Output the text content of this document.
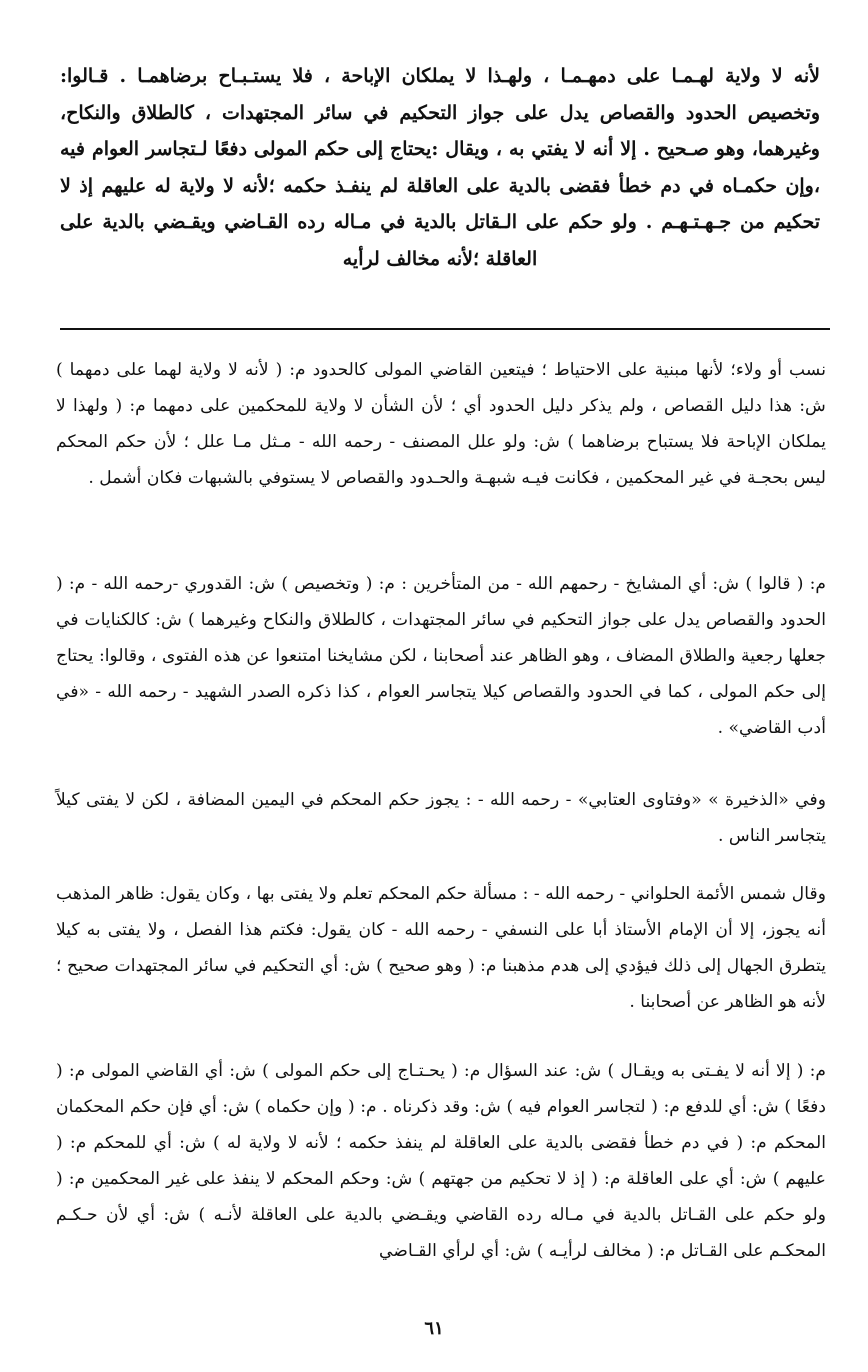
لأنه لا ولاية لهـمـا على دمهـمـا ، ولهـذا لا يملكان الإباحة ، فلا يستـبـاح برضاهمـا . قـالوا: وتخصيص الحدود والقصاص يدل على جواز التحكيم في سائر المجتهدات ، كالطلاق والنكاح، وغيرهما، وهو صـحيح . إلا أنه لا يفتي به ، ويقال :يحتاج إلى حكم المولى دفعًا لـتجاسر العوام فيه ،وإن حكمـاه في دم خطأ فقضى بالدية على العاقلة لم ينفـذ حكمه ؛لأنه لا ولاية له عليهم إذ لا تحكيم من جـهـتـهـم . ولو حكم على الـقاتل بالدية في مـاله رده القـاضي ويقـضي بالدية على العاقلة ؛لأنه مخالف لرأيه

نسب أو ولاء؛ لأنها مبنية على الاحتياط ؛ فيتعين القاضي المولى كالحدود م: ( لأنه لا ولاية لهما على دمهما ) ش: هذا دليل القصاص ، ولم يذكر دليل الحدود أي ؛ لأن الشأن لا ولاية للمحكمين على دمهما م: ( ولهذا لا يملكان الإباحة فلا يستباح برضاهما ) ش: ولو علل المصنف - رحمه الله - مـثل مـا علل ؛ لأن حكم المحكم ليس بحجـة في غير المحكمين ، فكانت فيـه شبهـة والحـدود والقصاص لا يستوفي بالشبهات فكان أشمل .

م: ( قالوا ) ش: أي المشايخ - رحمهم الله - من المتأخرين : م: ( وتخصيص ) ش: القدوري -رحمه الله - م: ( الحدود والقصاص يدل على جواز التحكيم في سائر المجتهدات ، كالطلاق والنكاح وغيرهما ) ش: كالكنايات في جعلها رجعية والطلاق المضاف ، وهو الظاهر عند أصحابنا ، لكن مشايخنا امتنعوا عن هذه الفتوى ، وقالوا: يحتاج إلى حكم المولى ، كما في الحدود والقصاص كيلا يتجاسر العوام ، كذا ذكره الصدر الشهيد - رحمه الله - «في أدب القاضي» .

وفي «الذخيرة » «وفتاوى العتابي» - رحمه الله - : يجوز حكم المحكم في اليمين المضافة ، لكن لا يفتى كيلاً يتجاسر الناس .

وقال شمس الأئمة الحلواني - رحمه الله - : مسألة حكم المحكم تعلم ولا يفتى بها ، وكان يقول: ظاهر المذهب أنه يجوز، إلا أن الإمام الأستاذ أبا على النسفي - رحمه الله - كان يقول: فكتم هذا الفصل ، ولا يفتى به كيلا يتطرق الجهال إلى ذلك فيؤدي إلى هدم مذهبنا م: ( وهو صحيح ) ش: أي التحكيم في سائر المجتهدات صحيح ؛ لأنه هو الظاهر عن أصحابنا .

م: ( إلا أنه لا يفـتى به ويقـال ) ش: عند السؤال م: ( يحـتـاج إلى حكم المولى ) ش: أي القاضي المولى م: ( دفعًا ) ش: أي للدفع م: ( لتجاسر العوام فيه ) ش: وقد ذكرناه . م: ( وإن حكماه ) ش: أي فإن حكم المحكمان المحكم م: ( في دم خطأ فقضى بالدية على العاقلة لم ينفذ حكمه ؛ لأنه لا ولاية له ) ش: أي للمحكم م: ( عليهم ) ش: أي على العاقلة م: ( إذ لا تحكيم من جهتهم ) ش: وحكم المحكم لا ينفذ على غير المحكمين م: ( ولو حكم على القـاتل بالدية في مـاله رده القاضي ويقـضي بالدية على العاقلة لأنـه ) ش: أي لأن حـكـم المحكـم على القـاتل م: ( مخالف لرأيـه ) ش: أي لرأي القـاضي

٦١
